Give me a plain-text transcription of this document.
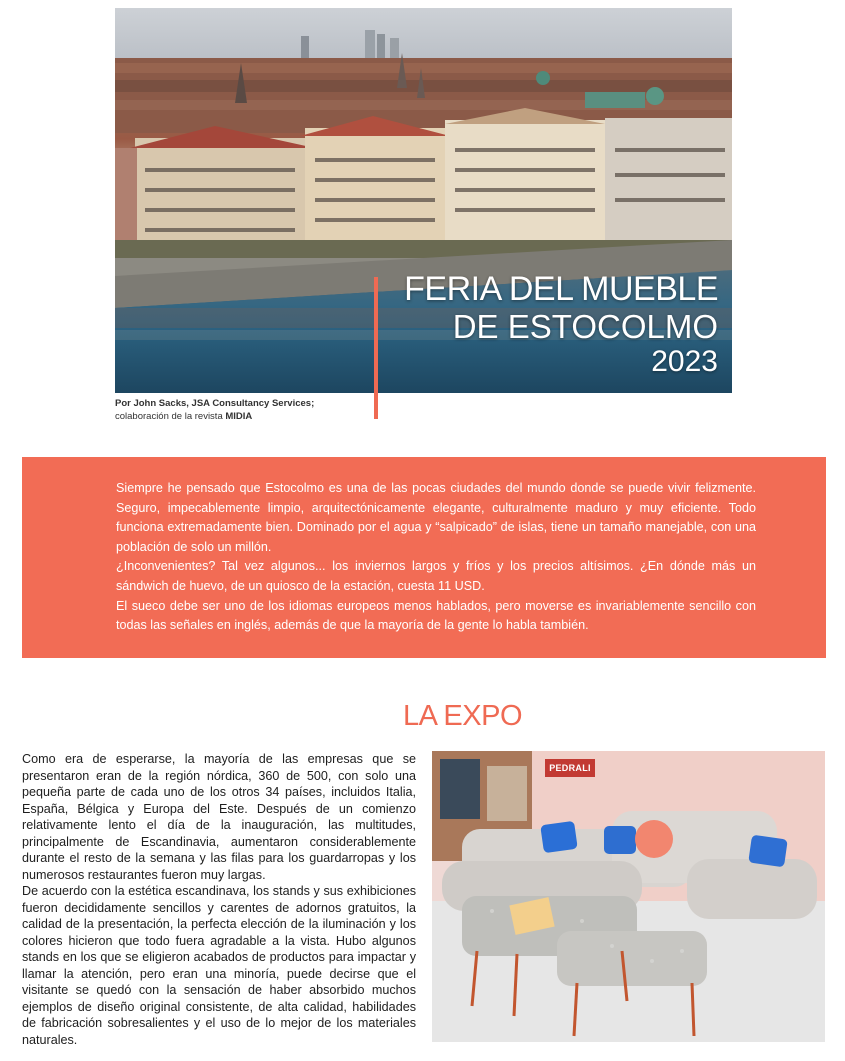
FERIA DEL MUEBLE
DE ESTOCOLMO
2023
Por John Sacks, JSA Consultancy Services;
colaboración de la revista MIDIA

Siempre he pensado que Estocolmo es una de las pocas ciudades del mundo donde se puede vivir felizmente. Seguro, impecablemente limpio, arquitectónicamente elegante, culturalmente maduro y muy eficiente. Todo funciona extremadamente bien. Dominado por el agua y “salpicado” de islas, tiene un tamaño manejable, con una población de solo un millón.

¿Inconvenientes? Tal vez algunos... los inviernos largos y fríos y los precios altísimos. ¿En dónde más un sándwich de huevo, de un quiosco de la estación, cuesta 11 USD.

El sueco debe ser uno de los idiomas europeos menos hablados, pero moverse es invariablemente sencillo con todas las señales en inglés, además de que la mayoría de la gente lo habla también.

LA EXPO

Como era de esperarse, la mayoría de las empresas que se presentaron eran de la región nórdica, 360 de 500, con solo una pequeña parte de cada uno de los otros 34 países, incluidos Italia, España, Bélgica y Europa del Este. Después de un comienzo relativamente lento el día de la inauguración, las multitudes, principalmente de Escandinavia, aumentaron considerablemente durante el resto de la semana y las filas para los guardarropas y los numerosos restaurantes fueron muy largas.

De acuerdo con la estética escandinava, los stands y sus exhibiciones fueron decididamente sencillos y carentes de adornos gratuitos, la calidad de la presentación, la perfecta elección de la iluminación y los colores hicieron que todo fuera agradable a la vista. Hubo algunos stands en los que se eligieron acabados de productos para impactar y llamar la atención, pero eran una minoría, puede decirse que el visitante se quedó con la sensación de haber absorbido muchos ejemplos de diseño original consistente, de alta calidad, habilidades de fabricación sobresalientes y el uso de lo mejor de los materiales naturales.

PEDRALI
